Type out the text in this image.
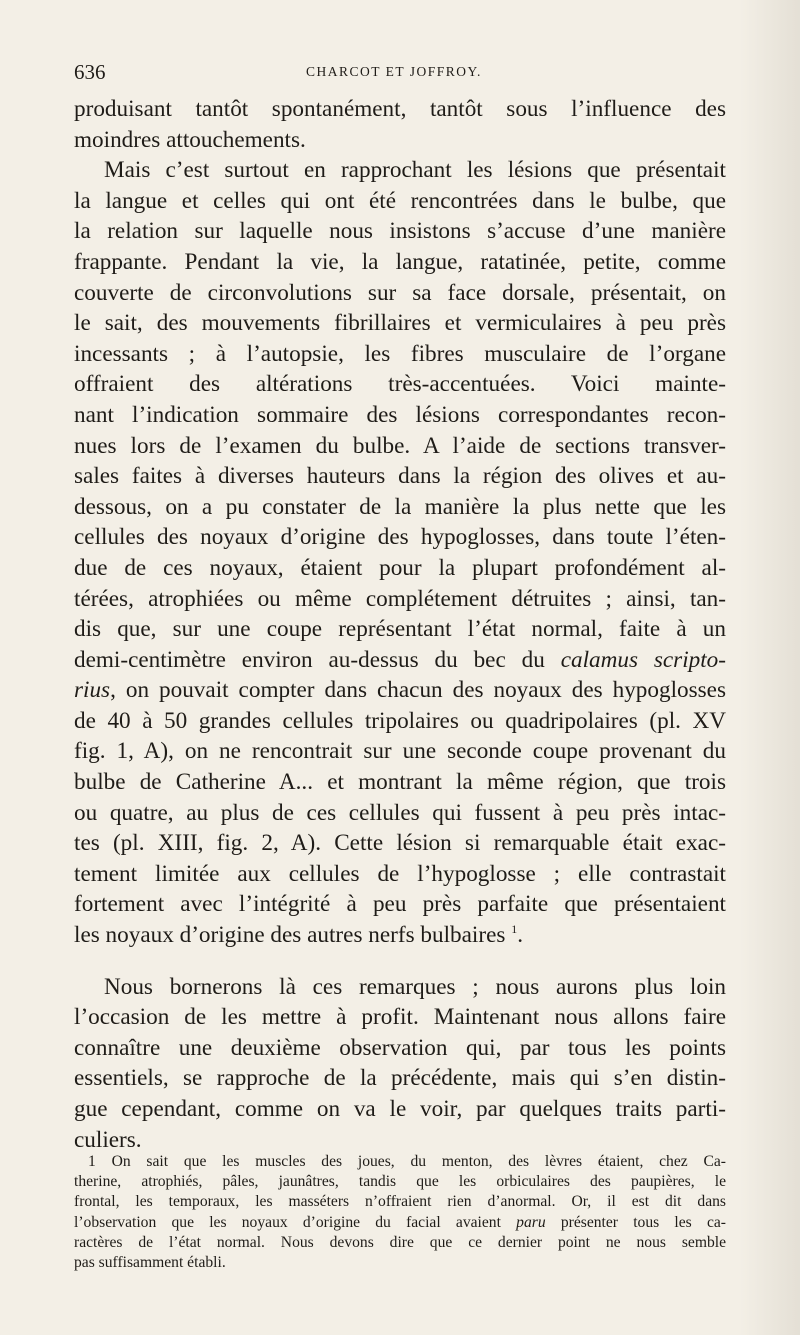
636	CHARCOT ET JOFFROY.
produisant tantôt spontanément, tantôt sous l’influence des
moindres attouchements.
Mais c’est surtout en rapprochant les lésions que présentait
la langue et celles qui ont été rencontrées dans le bulbe, que
la relation sur laquelle nous insistons s’accuse d’une manière
frappante. Pendant la vie, la langue, ratatinée, petite, comme
couverte de circonvolutions sur sa face dorsale, présentait, on
le sait, des mouvements fibrillaires et vermiculaires à peu près
incessants ; à l’autopsie, les fibres musculaire de l’organe
offraient des altérations très-accentuées. Voici mainte-
nant l’indication sommaire des lésions correspondantes recon-
nues lors de l’examen du bulbe. A l’aide de sections transver-
sales faites à diverses hauteurs dans la région des olives et au-
dessous, on a pu constater de la manière la plus nette que les
cellules des noyaux d’origine des hypoglosses, dans toute l’éten-
due de ces noyaux, étaient pour la plupart profondément al-
térées, atrophiées ou même complétement détruites ; ainsi, tan-
dis que, sur une coupe représentant l’état normal, faite à un
demi-centimètre environ au-dessus du bec du calamus scripto-
rius, on pouvait compter dans chacun des noyaux des hypoglosses
de 40 à 50 grandes cellules tripolaires ou quadripolaires (pl. XV
fig. 1, A), on ne rencontrait sur une seconde coupe provenant du
bulbe de Catherine A... et montrant la même région, que trois
ou quatre, au plus de ces cellules qui fussent à peu près intac-
tes (pl. XIII, fig. 2, A). Cette lésion si remarquable était exac-
tement limitée aux cellules de l’hypoglosse ; elle contrastait
fortement avec l’intégrité à peu près parfaite que présentaient
les noyaux d’origine des autres nerfs bulbaires $^1$.
Nous bornerons là ces remarques ; nous aurons plus loin
l’occasion de les mettre à profit. Maintenant nous allons faire
connaître une deuxième observation qui, par tous les points
essentiels, se rapproche de la précédente, mais qui s’en distin-
gue cependant, comme on va le voir, par quelques traits parti-
culiers.
1 On sait que les muscles des joues, du menton, des lèvres étaient, chez Ca-
therine, atrophiés, pâles, jaunâtres, tandis que les orbiculaires des paupières, le
frontal, les temporaux, les masséters n’offraient rien d’anormal. Or, il est dit dans
l’observation que les noyaux d’origine du facial avaient paru présenter tous les ca-
ractères de l’état normal. Nous devons dire que ce dernier point ne nous semble
pas suffisamment établi.
